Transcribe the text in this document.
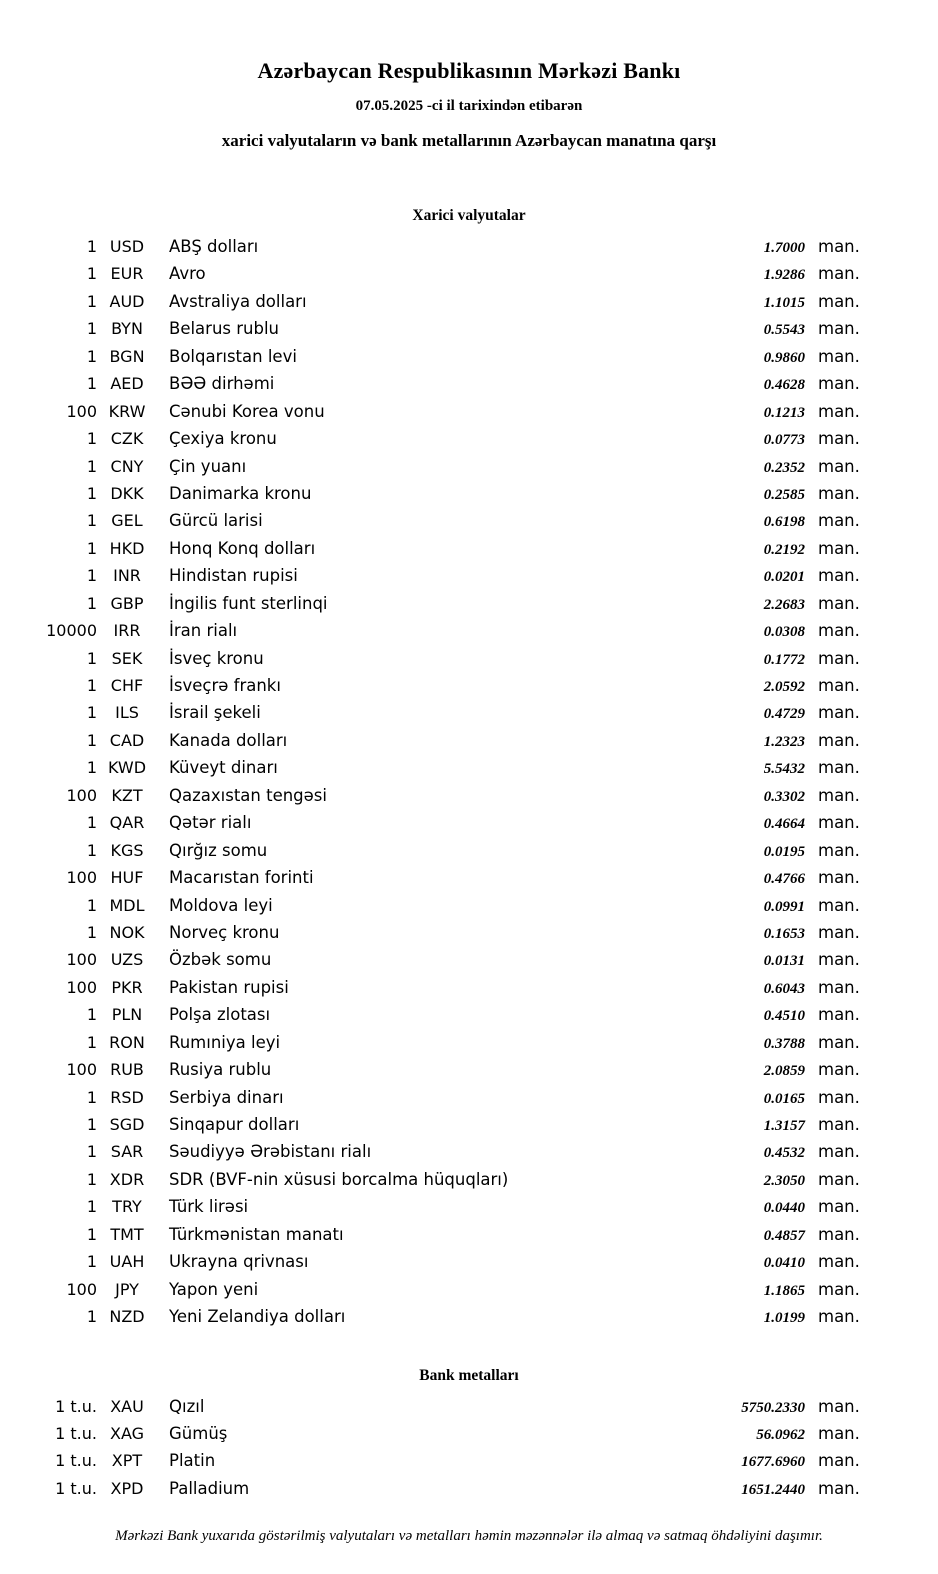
Azərbaycan Respublikasının Mərkəzi Bankı
07.05.2025 -ci il tarixindən etibarən
xarici valyutaların və bank metallarının Azərbaycan manatına qarşı
Xarici valyutalar
1 USD	ABŞ dolları	1.7000 man.
1 EUR	Avro	1.9286 man.
1 AUD	Avstraliya dolları	1.1015 man.
1 BYN	Belarus rublu	0.5543 man.
1 BGN	Bolqarıstan levi	0.9860 man.
1 AED	BƏƏ dirhəmi	0.4628 man.
100 KRW	Cənubi Korea vonu	0.1213 man.
1 CZK	Çexiya kronu	0.0773 man.
1 CNY	Çin yuanı	0.2352 man.
1 DKK	Danimarka kronu	0.2585 man.
1 GEL	Gürcü larisi	0.6198 man.
1 HKD	Honq Konq dolları	0.2192 man.
1	INR	Hindistan rupisi	0.0201 man.
1 GBP	İngilis funt sterlinqi	2.2683 man.
10000	IRR	İran rialı	0.0308 man.
1 SEK	İsveç kronu	0.1772 man.
1 CHF	İsveçrə frankı	2.0592 man.
1	ILS	İsrail şekeli	0.4729 man.
1 CAD	Kanada dolları	1.2323 man.
1 KWD	Küveyt dinarı	5.5432 man.
100 KZT	Qazaxıstan tengəsi	0.3302 man.
1 QAR	Qətər rialı	0.4664 man.
1 KGS	Qırğız somu	0.0195 man.
100 HUF	Macarıstan forinti	0.4766 man.
1 MDL	Moldova leyi	0.0991 man.
1 NOK	Norveç kronu	0.1653 man.
100 UZS	Özbək somu	0.0131 man.
100 PKR	Pakistan rupisi	0.6043 man.
1 PLN	Polşa zlotası	0.4510 man.
1 RON	Rumıniya leyi	0.3788 man.
100 RUB	Rusiya rublu	2.0859 man.
1 RSD	Serbiya dinarı	0.0165 man.
1 SGD	Sinqapur dolları	1.3157 man.
1 SAR	Səudiyyə Ərəbistanı rialı	0.4532 man.
1 XDR	SDR (BVF-nin xüsusi borcalma hüquqları)	2.3050 man.
1 TRY	Türk lirəsi	0.0440 man.
1 TMT	Türkmənistan manatı	0.4857 man.
1 UAH	Ukrayna qrivnası	0.0410 man.
100	JPY	Yapon yeni	1.1865 man.
1 NZD	Yeni Zelandiya dolları	1.0199 man.
Bank metalları
1 t.u. XAU	Qızıl	5750.2330 man.
1 t.u. XAG	Gümüş	56.0962 man.
1 t.u. XPT	Platin	1677.6960 man.
1 t.u. XPD	Palladium	1651.2440 man.
Mərkəzi Bank yuxarıda göstərilmiş valyutaları və metalları həmin məzənnələr ilə almaq və satmaq öhdəliyini daşımır.
